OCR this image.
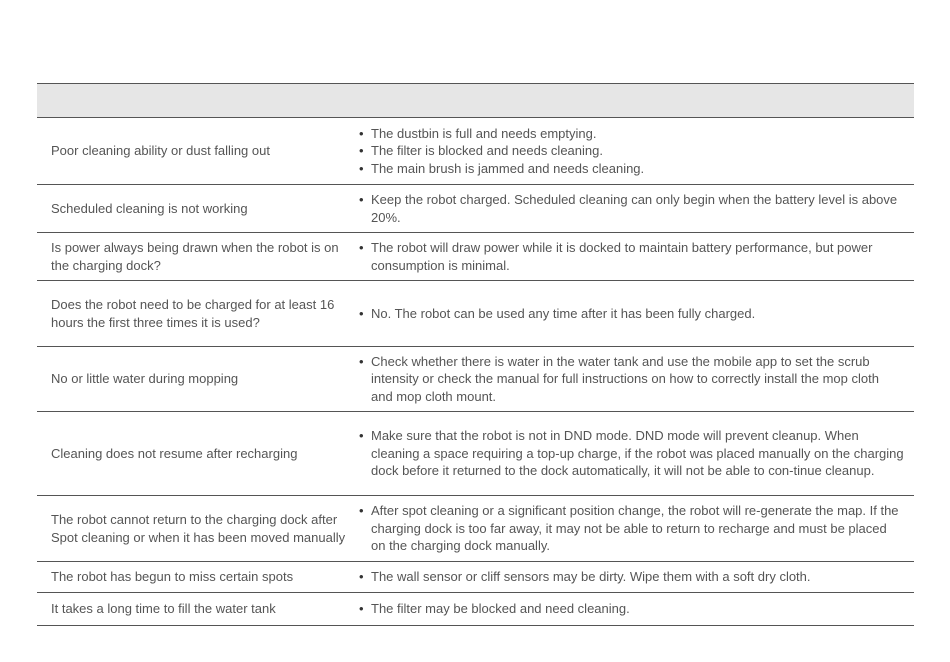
Poor cleaning ability or dust falling out
• The dustbin is full and needs emptying.
• The filter is blocked and needs cleaning.
• The main brush is jammed and needs cleaning.
Scheduled cleaning is not working
• Keep the robot charged. Scheduled cleaning can only begin when the battery level is above 20%.
Is power always being drawn when the robot is on the charging dock?
• The robot will draw power while it is docked to maintain battery performance, but power consumption is minimal.
Does the robot need to be charged for at least 16 hours the first three times it is used?
• No. The robot can be used any time after it has been fully charged.
No or little water during mopping
• Check whether there is water in the water tank and use the mobile app to set the scrub intensity or check the manual for full instructions on how to correctly install the mop cloth and mop cloth mount.
Cleaning does not resume after recharging
• Make sure that the robot is not in DND mode. DND mode will prevent cleanup. When cleaning a space requiring a top-up charge, if the robot was placed manually on the charging dock before it returned to the dock automatically, it will not be able to con-tinue cleanup.
The robot cannot return to the charging dock after Spot cleaning or when it has been moved manually
• After spot cleaning or a significant position change, the robot will re-generate the map. If the charging dock is too far away, it may not be able to return to recharge and must be placed on the charging dock manually.
The robot has begun to miss certain spots	• The wall sensor or cliff sensors may be dirty. Wipe them with a soft dry cloth.
It takes a long time to fill the water tank	• The filter may be blocked and need cleaning.
